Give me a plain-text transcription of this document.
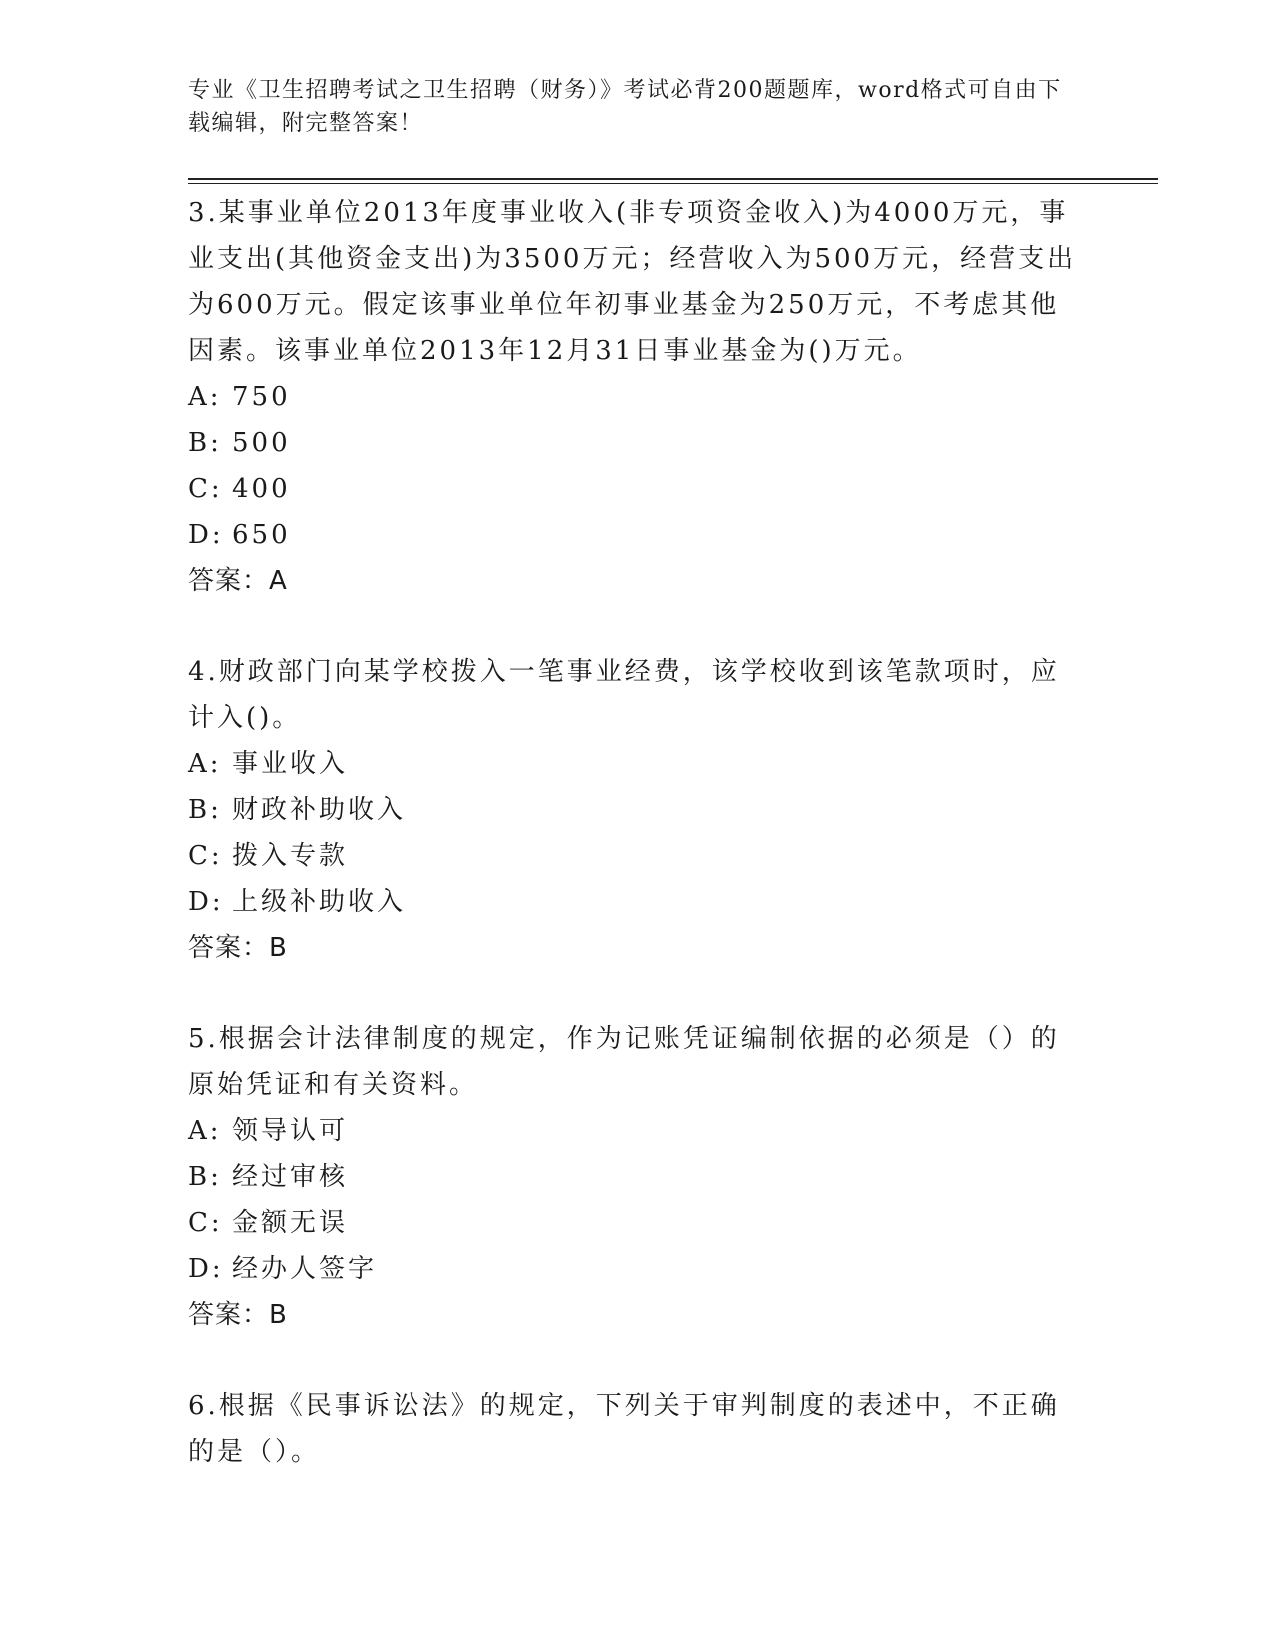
专业《卫生招聘考试之卫生招聘（财务）》考试必背200题题库，word格式可自由下载编辑，附完整答案！

3.某事业单位2013年度事业收入(非专项资金收入)为4000万元，事业支出(其他资金支出)为3500万元；经营收入为500万元，经营支出为600万元。假定该事业单位年初事业基金为250万元，不考虑其他因素。该事业单位2013年12月31日事业基金为()万元。

A: 750

B: 500

C: 400

D: 650

答案：A

4.财政部门向某学校拨入一笔事业经费，该学校收到该笔款项时，应计入()。

A: 事业收入

B: 财政补助收入

C: 拨入专款

D: 上级补助收入

答案：B

5.根据会计法律制度的规定，作为记账凭证编制依据的必须是（）的原始凭证和有关资料。

A: 领导认可

B: 经过审核

C: 金额无误

D: 经办人签字

答案：B

6.根据《民事诉讼法》的规定，下列关于审判制度的表述中，不正确的是（）。
